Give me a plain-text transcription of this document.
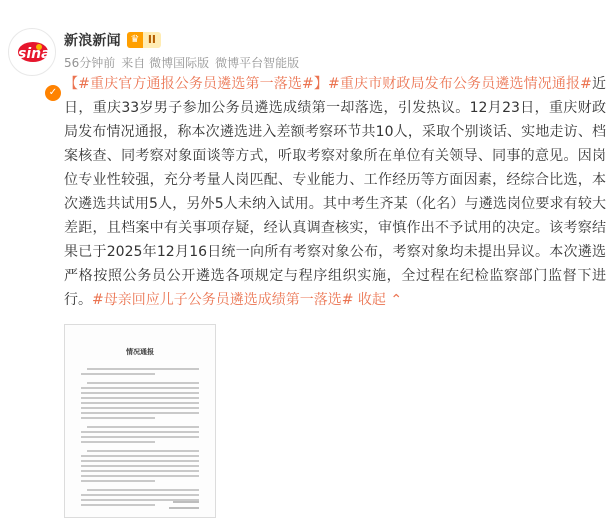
sina
✓
新浪新闻 ♛ II
56分钟前 来自 微博国际版 微博平台智能版
【#重庆官方通报公务员遴选第一落选#】#重庆市财政局发布公务员遴选情况通报#近日，重庆33岁男子参加公务员遴选成绩第一却落选，引发热议。12月23日，重庆财政局发布情况通报，称本次遴选进入差额考察环节共10人，采取个别谈话、实地走访、档案核查、同考察对象面谈等方式，听取考察对象所在单位有关领导、同事的意见。因岗位专业性较强，充分考量人岗匹配、专业能力、工作经历等方面因素，经综合比选，本次遴选共试用5人，另外5人未纳入试用。其中考生齐某（化名）与遴选岗位要求有较大差距，且档案中有关事项存疑，经认真调查核实，审慎作出不予试用的决定。该考察结果已于2025年12月16日统一向所有考察对象公布，考察对象均未提出异议。本次遴选严格按照公务员公开遴选各项规定与程序组织实施，全过程在纪检监察部门监督下进行。#母亲回应儿子公务员遴选成绩第一落选# 收起 ⌃
情况通报
